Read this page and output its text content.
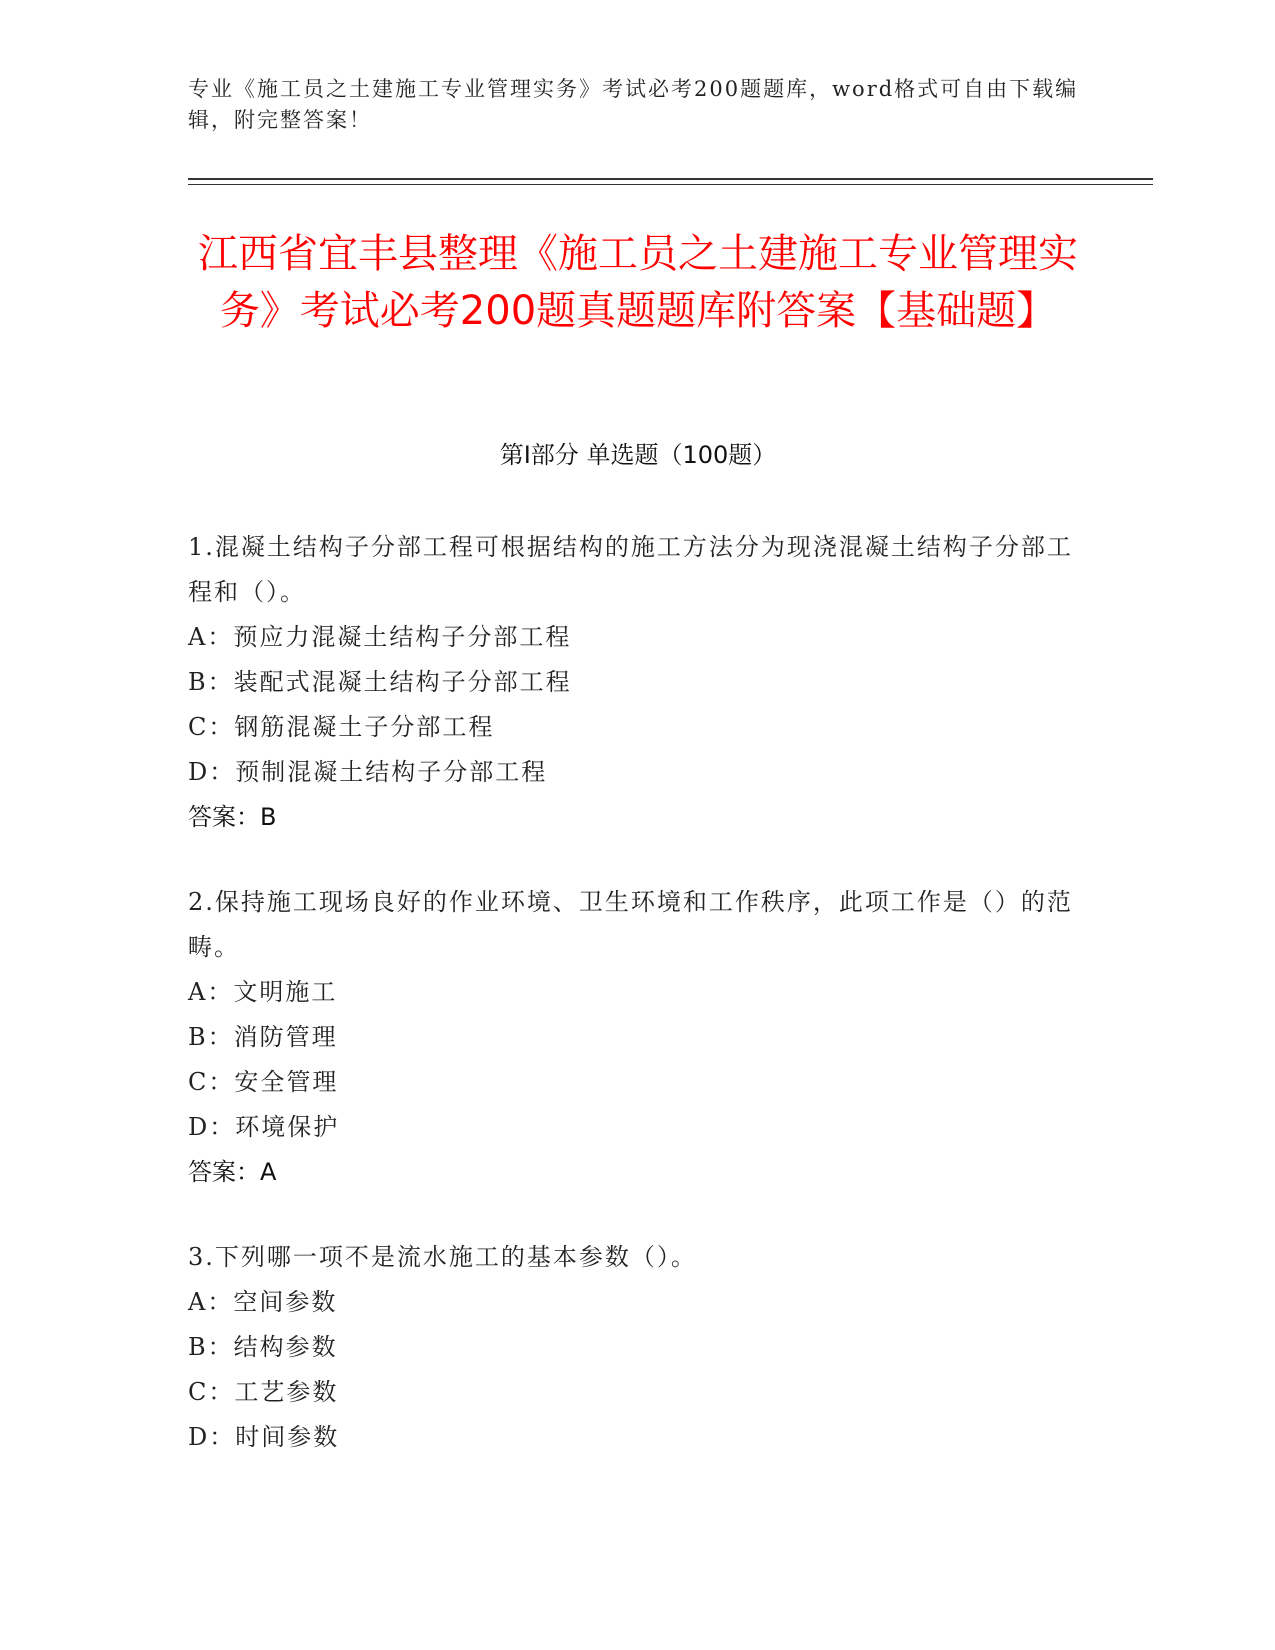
专业《施工员之土建施工专业管理实务》考试必考200题题库，word格式可自由下载编辑，附完整答案！
江西省宜丰县整理《施工员之土建施工专业管理实务》考试必考200题真题题库附答案【基础题】
第Ⅰ部分 单选题（100题）
1.混凝土结构子分部工程可根据结构的施工方法分为现浇混凝土结构子分部工程和（）。
A：预应力混凝土结构子分部工程
B：装配式混凝土结构子分部工程
C：钢筋混凝土子分部工程
D：预制混凝土结构子分部工程
答案：B
2.保持施工现场良好的作业环境、卫生环境和工作秩序，此项工作是（）的范畴。
A：文明施工
B：消防管理
C：安全管理
D：环境保护
答案：A
3.下列哪一项不是流水施工的基本参数（）。
A：空间参数
B：结构参数
C：工艺参数
D：时间参数
